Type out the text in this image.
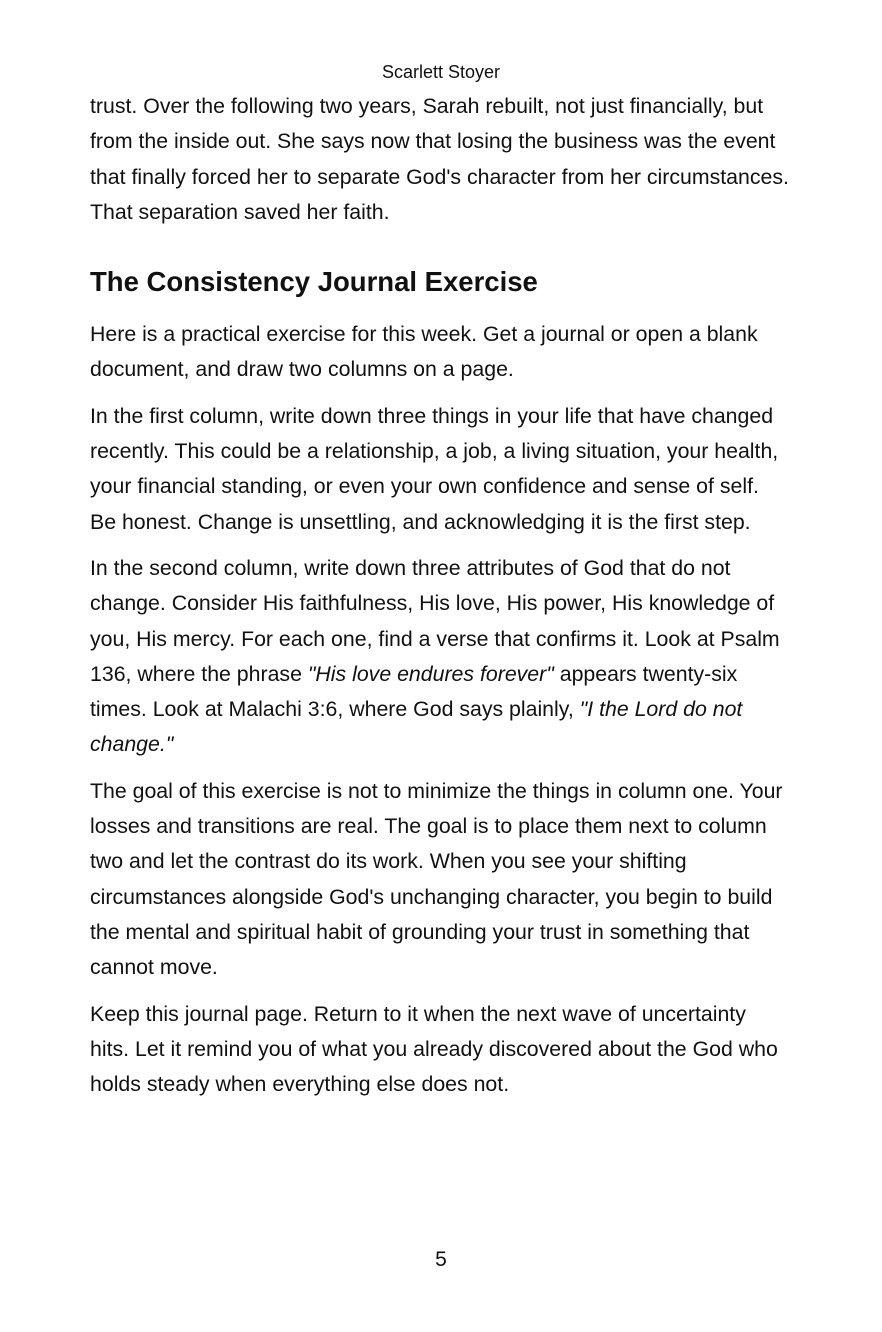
Scarlett Stoyer

trust. Over the following two years, Sarah rebuilt, not just financially, but from the inside out. She says now that losing the business was the event that finally forced her to separate God's character from her circumstances. That separation saved her faith.

The Consistency Journal Exercise

Here is a practical exercise for this week. Get a journal or open a blank document, and draw two columns on a page.

In the first column, write down three things in your life that have changed recently. This could be a relationship, a job, a living situation, your health, your financial standing, or even your own confidence and sense of self. Be honest. Change is unsettling, and acknowledging it is the first step.

In the second column, write down three attributes of God that do not change. Consider His faithfulness, His love, His power, His knowledge of you, His mercy. For each one, find a verse that confirms it. Look at Psalm 136, where the phrase "His love endures forever" appears twenty-six times. Look at Malachi 3:6, where God says plainly, "I the Lord do not change."

The goal of this exercise is not to minimize the things in column one. Your losses and transitions are real. The goal is to place them next to column two and let the contrast do its work. When you see your shifting circumstances alongside God's unchanging character, you begin to build the mental and spiritual habit of grounding your trust in something that cannot move.

Keep this journal page. Return to it when the next wave of uncertainty hits. Let it remind you of what you already discovered about the God who holds steady when everything else does not.

5
